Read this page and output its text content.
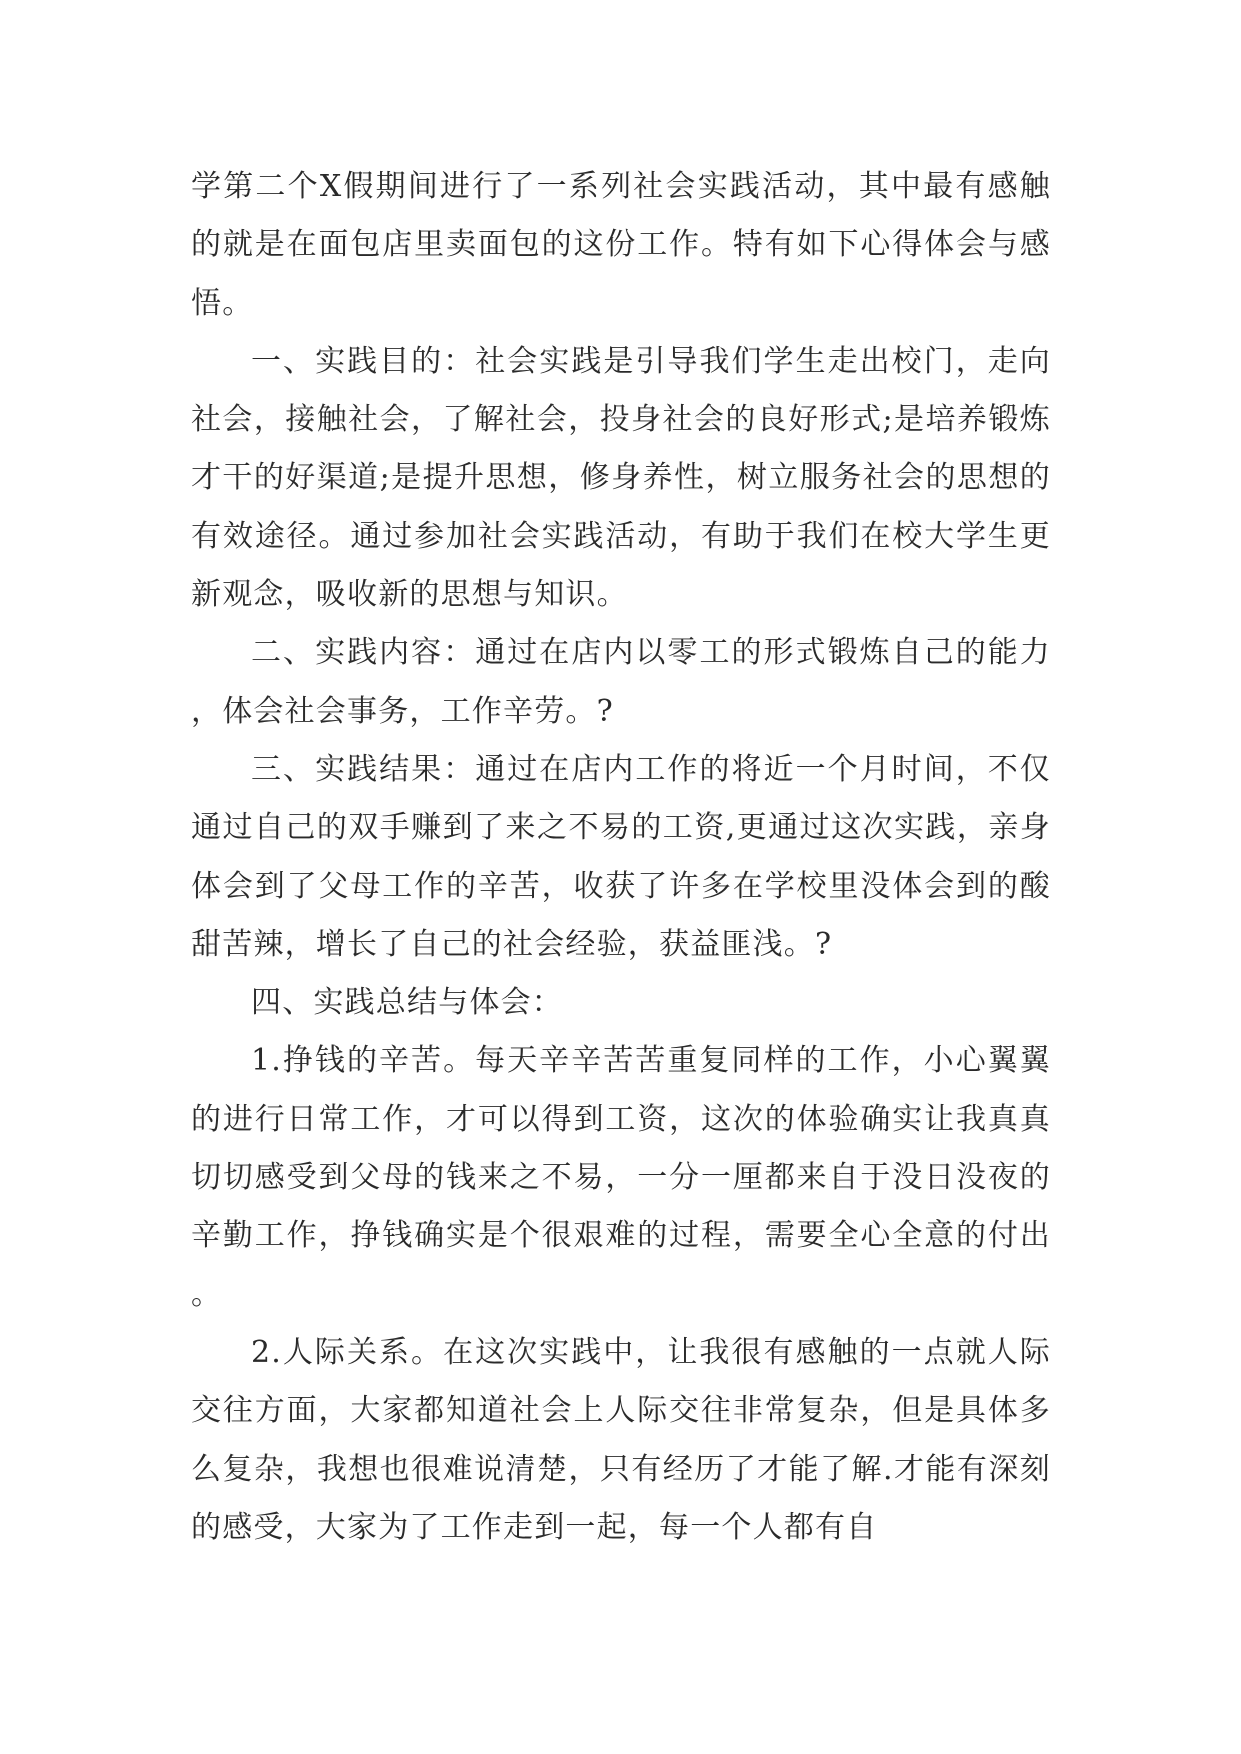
学第二个X假期间进行了一系列社会实践活动，其中最有感触的就是在面包店里卖面包的这份工作。特有如下心得体会与感悟。

一、实践目的：社会实践是引导我们学生走出校门，走向社会，接触社会，了解社会，投身社会的良好形式;是培养锻炼才干的好渠道;是提升思想，修身养性，树立服务社会的思想的有效途径。通过参加社会实践活动，有助于我们在校大学生更新观念，吸收新的思想与知识。

二、实践内容：通过在店内以零工的形式锻炼自己的能力，体会社会事务，工作辛劳。?

三、实践结果：通过在店内工作的将近一个月时间，不仅通过自己的双手赚到了来之不易的工资,更通过这次实践，亲身体会到了父母工作的辛苦，收获了许多在学校里没体会到的酸甜苦辣，增长了自己的社会经验，获益匪浅。?

四、实践总结与体会：

1.挣钱的辛苦。每天辛辛苦苦重复同样的工作，小心翼翼的进行日常工作，才可以得到工资，这次的体验确实让我真真切切感受到父母的钱来之不易，一分一厘都来自于没日没夜的辛勤工作，挣钱确实是个很艰难的过程，需要全心全意的付出。

2.人际关系。在这次实践中，让我很有感触的一点就人际交往方面，大家都知道社会上人际交往非常复杂，但是具体多么复杂，我想也很难说清楚，只有经历了才能了解.才能有深刻的感受，大家为了工作走到一起，每一个人都有自
